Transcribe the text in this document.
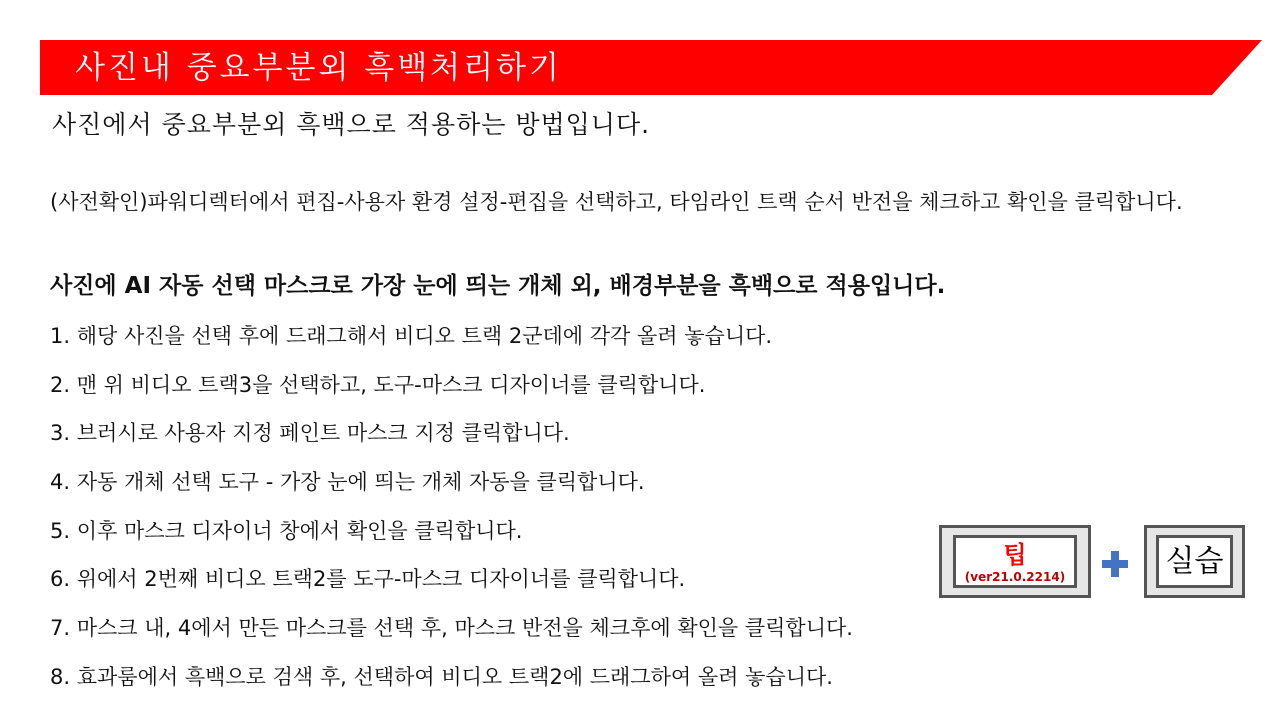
사진내 중요부분외 흑백처리하기
사진에서 중요부분외 흑백으로 적용하는 방법입니다.
(사전확인)파워디렉터에서 편집-사용자 환경 설정-편집을 선택하고, 타임라인 트랙 순서 반전을 체크하고 확인을 클릭합니다.
사진에 AI 자동 선택 마스크로 가장 눈에 띄는 개체 외, 배경부분을 흑백으로 적용입니다.
1. 해당 사진을 선택 후에 드래그해서 비디오 트랙 2군데에 각각 올려 놓습니다.
2. 맨 위 비디오 트랙3을 선택하고, 도구-마스크 디자이너를 클릭합니다.
3. 브러시로 사용자 지정 페인트 마스크 지정 클릭합니다.
4. 자동 개체 선택 도구 - 가장 눈에 띄는 개체 자동을 클릭합니다.
5. 이후 마스크 디자이너 창에서 확인을 클릭합니다.
6. 위에서 2번째 비디오 트랙2를 도구-마스크 디자이너를 클릭합니다.
7. 마스크 내, 4에서 만든 마스크를 선택 후, 마스크 반전을 체크후에 확인을 클릭합니다.
8. 효과룸에서 흑백으로 검색 후, 선택하여 비디오 트랙2에 드래그하여 올려 놓습니다.
팁
(ver21.0.2214)	실습
